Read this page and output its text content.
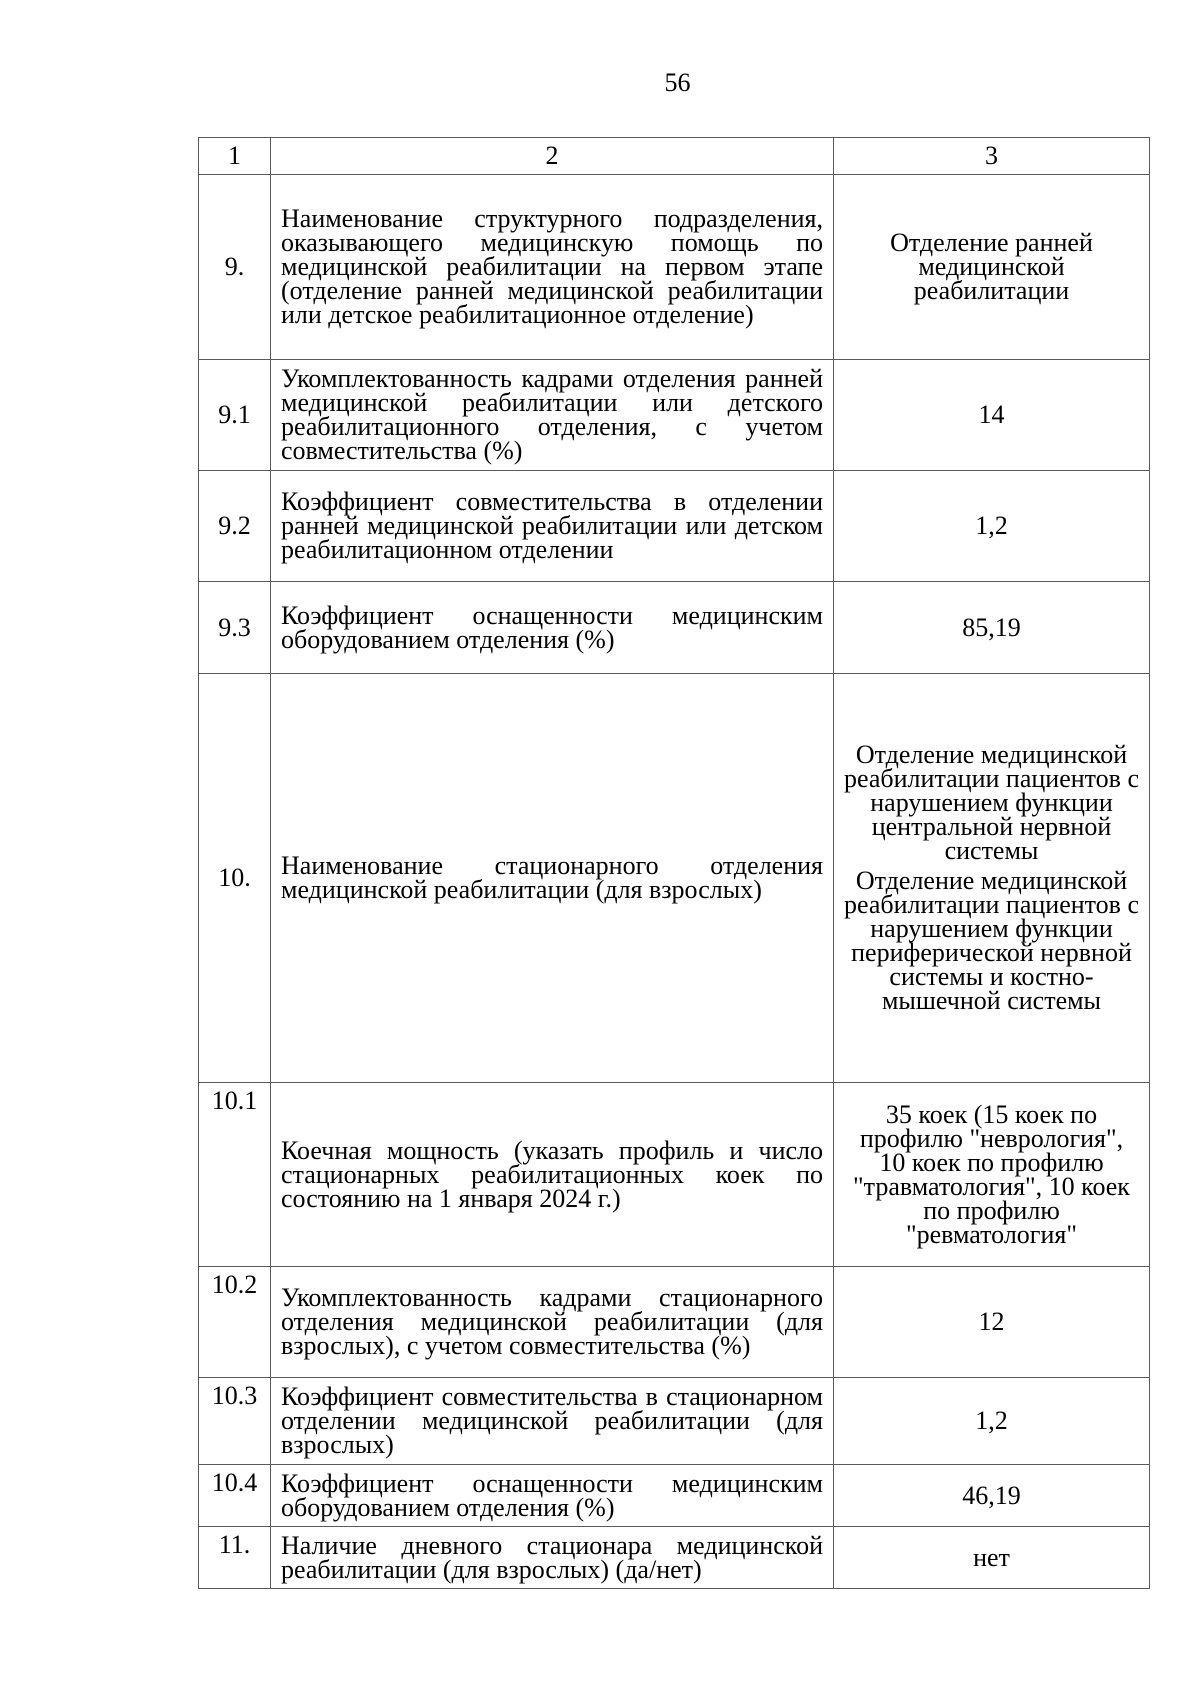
56
1	2	3
9.	Наименование структурного подразделения, оказывающего медицинскую помощь по медицинской реабилитации на первом этапе (отделение ранней медицинской реабилитации или детское реабилитационное отделение)	Отделение ранней медицинской реабилитации

9.1	Укомплектованность кадрами отделения ранней медицинской реабилитации или детского реабилитационного отделения, с учетом совместительства (%)	14

9.2	Коэффициент совместительства в отделении ранней медицинской реабилитации или детском реабилитационном отделении	1,2

9.3	Коэффициент оснащенности медицинским оборудованием отделения (%)	85,19

10.	Наименование стационарного отделения медицинской реабилитации (для взрослых)	Отделение медицинской реабилитации пациентов с нарушением функции центральной нервной системы
Отделение медицинской реабилитации пациентов с нарушением функции периферической нервной системы и костно-мышечной системы

10.1	Коечная мощность (указать профиль и число стационарных реабилитационных коек по состоянию на 1 января 2024 г.)	35 коек (15 коек по профилю "неврология", 10 коек по профилю "травматология", 10 коек по профилю "ревматология"

10.2	Укомплектованность кадрами стационарного отделения медицинской реабилитации (для взрослых), с учетом совместительства (%)	12

10.3	Коэффициент совместительства в стационарном отделении медицинской реабилитации (для взрослых)	1,2

10.4	Коэффициент оснащенности медицинским оборудованием отделения (%)	46,19

11.	Наличие дневного стационара медицинской реабилитации (для взрослых) (да/нет)	нет
